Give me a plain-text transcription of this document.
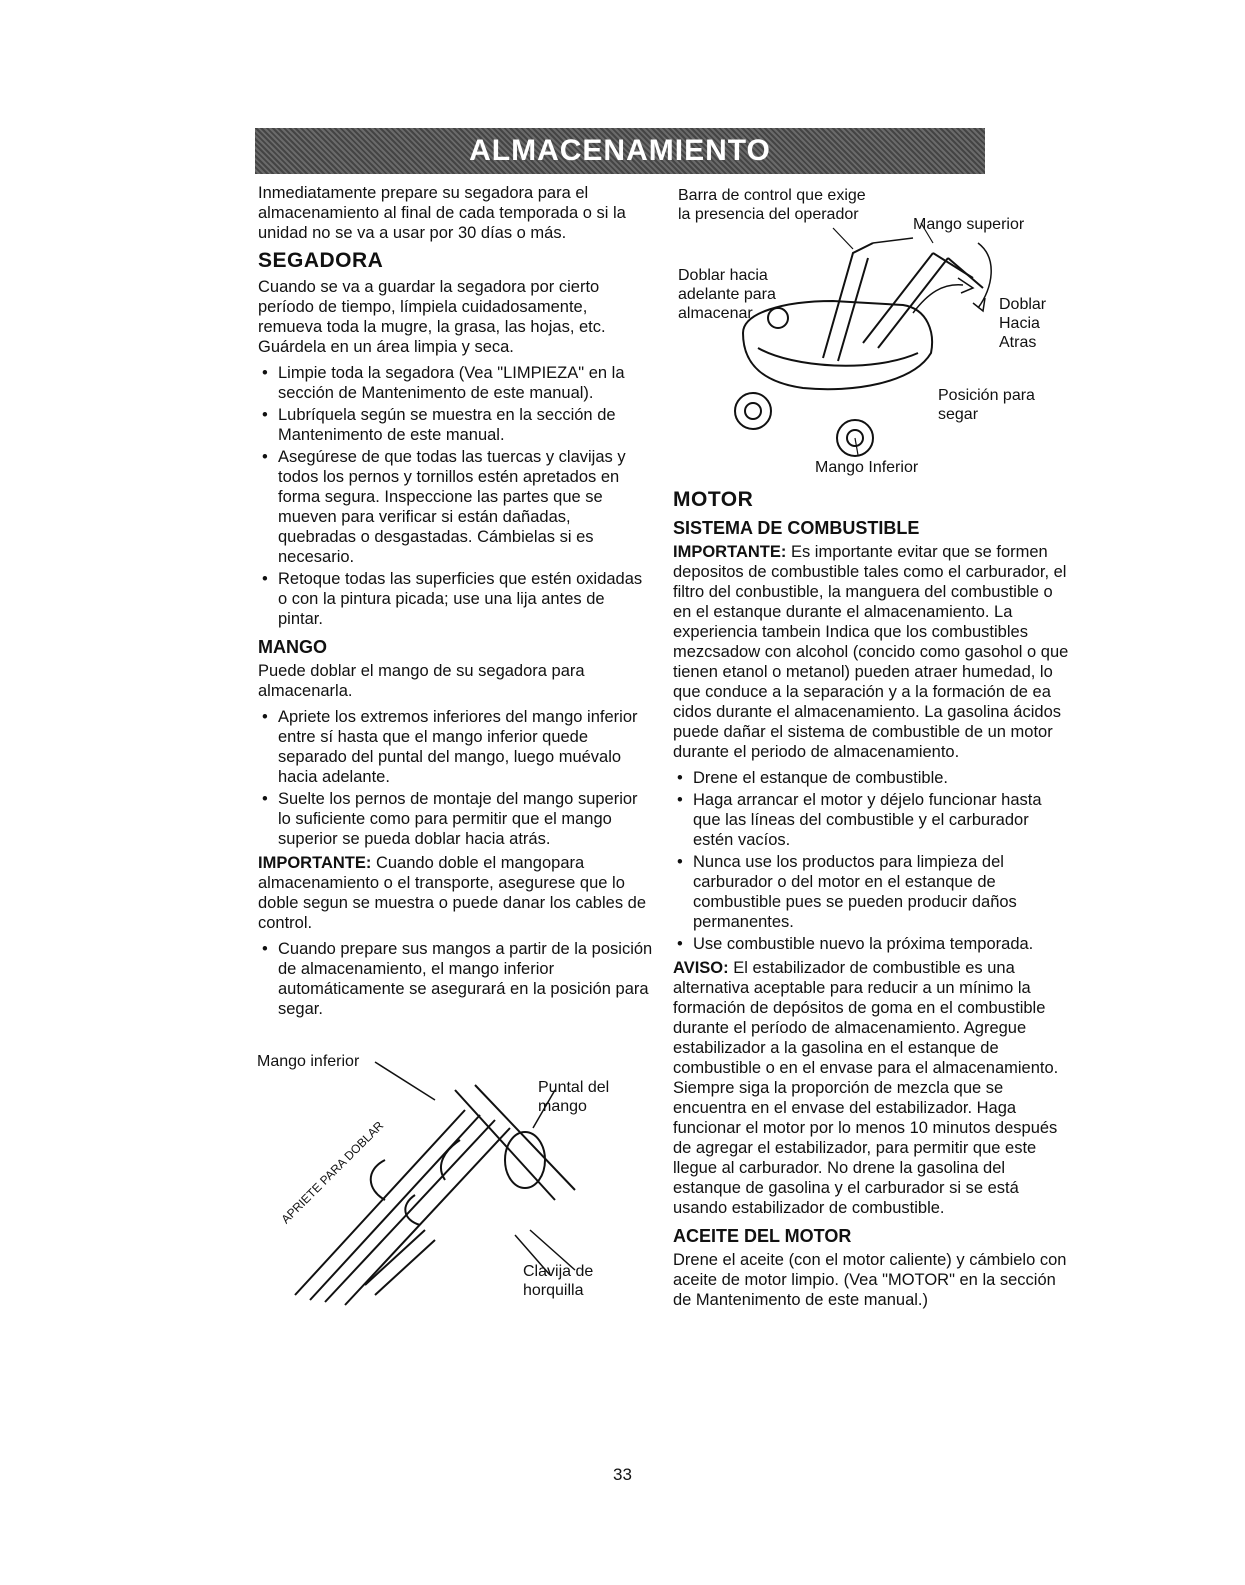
ALMACENAMIENTO

Inmediatamente prepare su segadora para el almacenamiento al final de cada temporada o si la unidad no se va a usar por 30 días o más.

SEGADORA

Cuando se va a guardar la segadora por cierto período de tiempo, límpiela cuidadosamente, remueva toda la mugre, la grasa, las hojas, etc. Guárdela en un área limpia y seca.

• Limpie toda la segadora (Vea "LIMPIEZA" en la sección de Mantenimento de este manual).
• Lubríquela según se muestra en la sección de Mantenimento de este manual.
• Asegúrese de que todas las tuercas y clavijas y todos los pernos y tornillos estén apretados en forma segura. Inspeccione las partes que se mueven para verificar si están dañadas, quebradas o desgastadas. Cámbielas si es necesario.
• Retoque todas las superficies que estén oxidadas o con la pintura picada; use una lija antes de pintar.
MANGO

Puede doblar el mango de su segadora para almacenarla.

• Apriete los extremos inferiores del mango inferior entre sí hasta que el mango inferior quede separado del puntal del mango, luego muévalo hacia adelante.
• Suelte los pernos de montaje del mango superior lo suficiente como para permitir que el mango superior se pueda doblar hacia atrás.

IMPORTANTE: Cuando doble el mangopara almacenamiento o el transporte, asegurese que lo doble segun se muestra o puede danar los cables de control.

• Cuando prepare sus mangos a partir de la posición de almacenamiento, el mango inferior automáticamente se asegurará en la posición para segar.
Mango inferior
Puntal del
mango
Clavija de
horquilla
APRIETE PARA DOBLAR
Barra de control que exige
la presencia del operador
Mango superior
Doblar hacia
adelante para
almacenar
Doblar
Hacia
Atras
Posición para
segar
Mango Inferior
MOTOR
SISTEMA DE COMBUSTIBLE

IMPORTANTE: Es importante evitar que se formen depositos de combustible tales como el carburador, el filtro del conbustible, la manguera del combustible o en el estanque durante el almacenamiento. La experiencia tambein Indica que los combustibles mezcsadow con alcohol (concido como gasohol o que tienen etanol o metanol) pueden atraer humedad, lo que conduce a la separación y a la formación de ea cidos durante el almacenamiento. La gasolina ácidos puede dañar el sistema de combustible de un motor durante el periodo de almacenamiento.

• Drene el estanque de combustible.
• Haga arrancar el motor y déjelo funcionar hasta que las líneas del combustible y el carburador estén vacíos.
• Nunca use los productos para limpieza del carburador o del motor en el estanque de combustible pues se pueden producir daños permanentes.
• Use combustible nuevo la próxima temporada.

AVISO: El estabilizador de combustible es una alternativa aceptable para reducir a un mínimo la formación de depósitos de goma en el combustible durante el período de almacenamiento. Agregue estabilizador a la gasolina en el estanque de combustible o en el envase para el almacenamiento. Siempre siga la proporción de mezcla que se encuentra en el envase del estabilizador. Haga funcionar el motor por lo menos 10 minutos después de agregar el estabilizador, para permitir que este llegue al carburador. No drene la gasolina del estanque de gasolina y el carburador si se está usando estabilizador de combustible.

ACEITE DEL MOTOR

Drene el aceite (con el motor caliente) y cámbielo con aceite de motor limpio. (Vea "MOTOR" en la sección de Mantenimento de este manual.)

33
